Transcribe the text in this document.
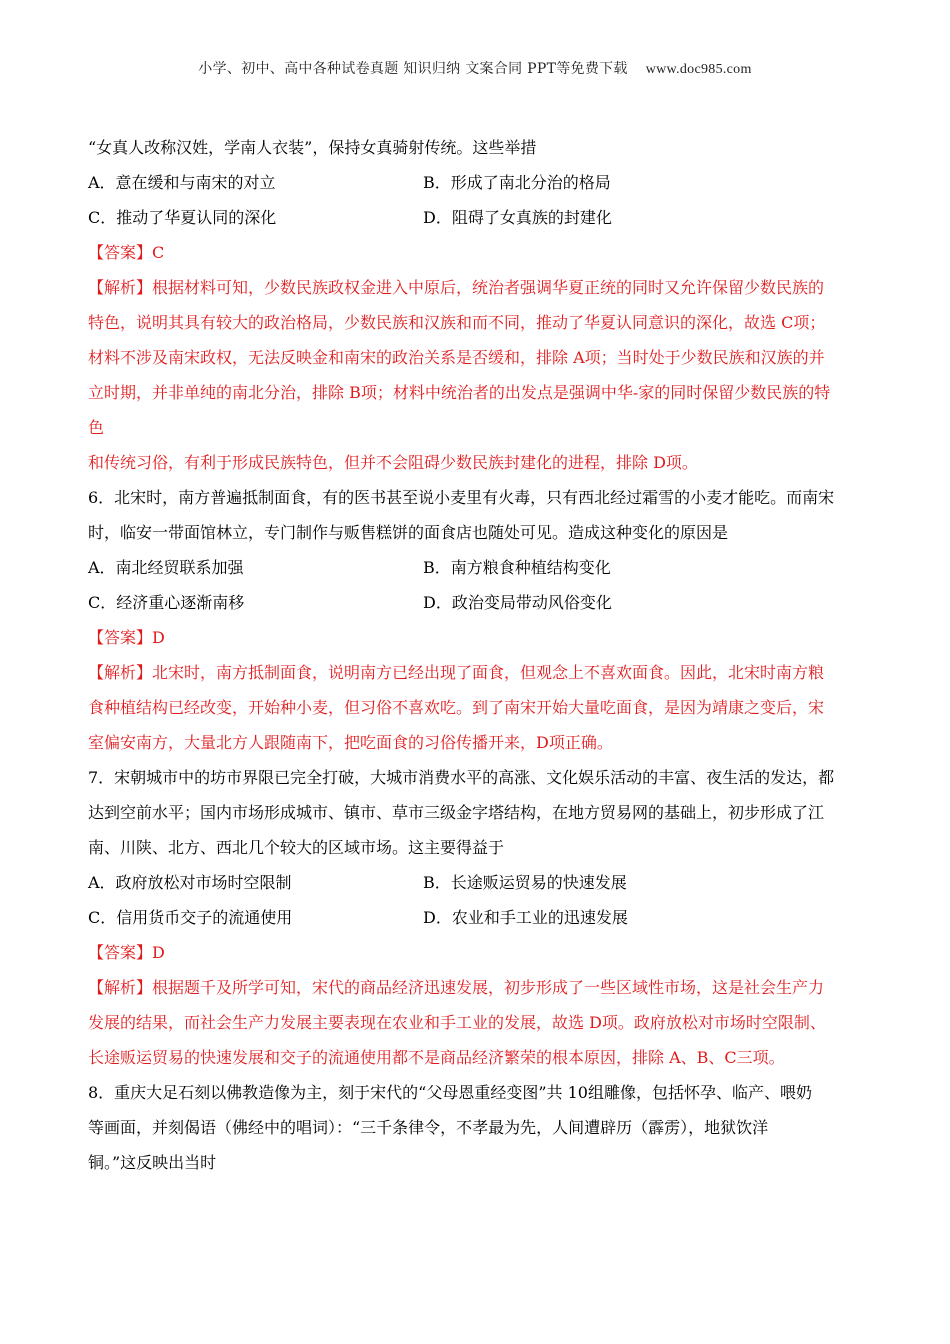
小学、初中、高中各种试卷真题 知识归纳 文案合同 PPT等免费下载 www.doc985.com
“女真人改称汉姓，学南人衣装”，保持女真骑射传统。这些举措
A．意在缓和与南宋的对立	B．形成了南北分治的格局
C．推动了华夏认同的深化	D．阻碍了女真族的封建化
【答案】C
【解析】根据材料可知，少数民族政权金进入中原后，统治者强调华夏正统的同时又允许保留少数民族的
特色，说明其具有较大的政治格局，少数民族和汉族和而不同，推动了华夏认同意识的深化，故选 C项；
材料不涉及南宋政权，无法反映金和南宋的政治关系是否缓和，排除 A项；当时处于少数民族和汉族的并
立时期，并非单纯的南北分治，排除 B项；材料中统治者的出发点是强调中华-家的同时保留少数民族的特
色
和传统习俗，有利于形成民族特色，但并不会阻碍少数民族封建化的进程，排除 D项。
6．北宋时，南方普遍抵制面食，有的医书甚至说小麦里有火毒，只有西北经过霜雪的小麦才能吃。而南宋
时，临安一带面馆林立，专门制作与贩售糕饼的面食店也随处可见。造成这种变化的原因是
A．南北经贸联系加强	B．南方粮食种植结构变化
C．经济重心逐渐南移	D．政治变局带动风俗变化
【答案】D
【解析】北宋时，南方抵制面食，说明南方已经出现了面食，但观念上不喜欢面食。因此，北宋时南方粮
食种植结构已经改变，开始种小麦，但习俗不喜欢吃。到了南宋开始大量吃面食，是因为靖康之变后，宋
室偏安南方，大量北方人跟随南下，把吃面食的习俗传播开来，D项正确。
7．宋朝城市中的坊市界限已完全打破，大城市消费水平的高涨、文化娱乐活动的丰富、夜生活的发达，都
达到空前水平；国内市场形成城市、镇市、草市三级金字塔结构，在地方贸易网的基础上，初步形成了江
南、川陕、北方、西北几个较大的区域市场。这主要得益于
A．政府放松对市场时空限制	B．长途贩运贸易的快速发展
C．信用货币交子的流通使用	D．农业和手工业的迅速发展
【答案】D
【解析】根据题千及所学可知，宋代的商品经济迅速发展，初步形成了一些区域性市场，这是社会生产力
发展的结果，而社会生产力发展主要表现在农业和手工业的发展，故选 D项。政府放松对市场时空限制、
长途贩运贸易的快速发展和交子的流通使用都不是商品经济繁荣的根本原因，排除 A、B、C三项。
8．重庆大足石刻以佛教造像为主，刻于宋代的“父母恩重经变图”共 10组雕像，包括怀孕、临产、喂奶
等画面，并刻偈语（佛经中的唱词）：“三千条律令，不孝最为先，人间遭辟历（霹雳），地狱饮洋
铜。”这反映出当时
